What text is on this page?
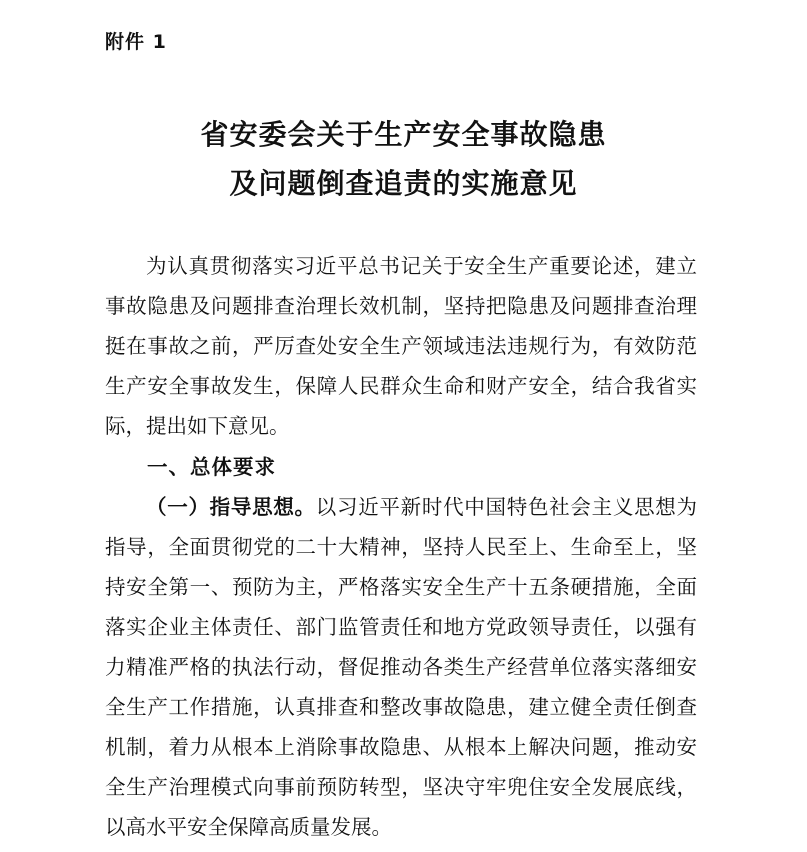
附件 1
省安委会关于生产安全事故隐患
及问题倒查追责的实施意见
为认真贯彻落实习近平总书记关于安全生产重要论述，建立事故隐患及问题排查治理长效机制，坚持把隐患及问题排查治理挺在事故之前，严厉查处安全生产领域违法违规行为，有效防范生产安全事故发生，保障人民群众生命和财产安全，结合我省实际，提出如下意见。
一、总体要求
（一）指导思想。以习近平新时代中国特色社会主义思想为指导，全面贯彻党的二十大精神，坚持人民至上、生命至上，坚持安全第一、预防为主，严格落实安全生产十五条硬措施，全面落实企业主体责任、部门监管责任和地方党政领导责任，以强有力精准严格的执法行动，督促推动各类生产经营单位落实落细安全生产工作措施，认真排查和整改事故隐患，建立健全责任倒查机制，着力从根本上消除事故隐患、从根本上解决问题，推动安全生产治理模式向事前预防转型，坚决守牢兜住安全发展底线，以高水平安全保障高质量发展。
